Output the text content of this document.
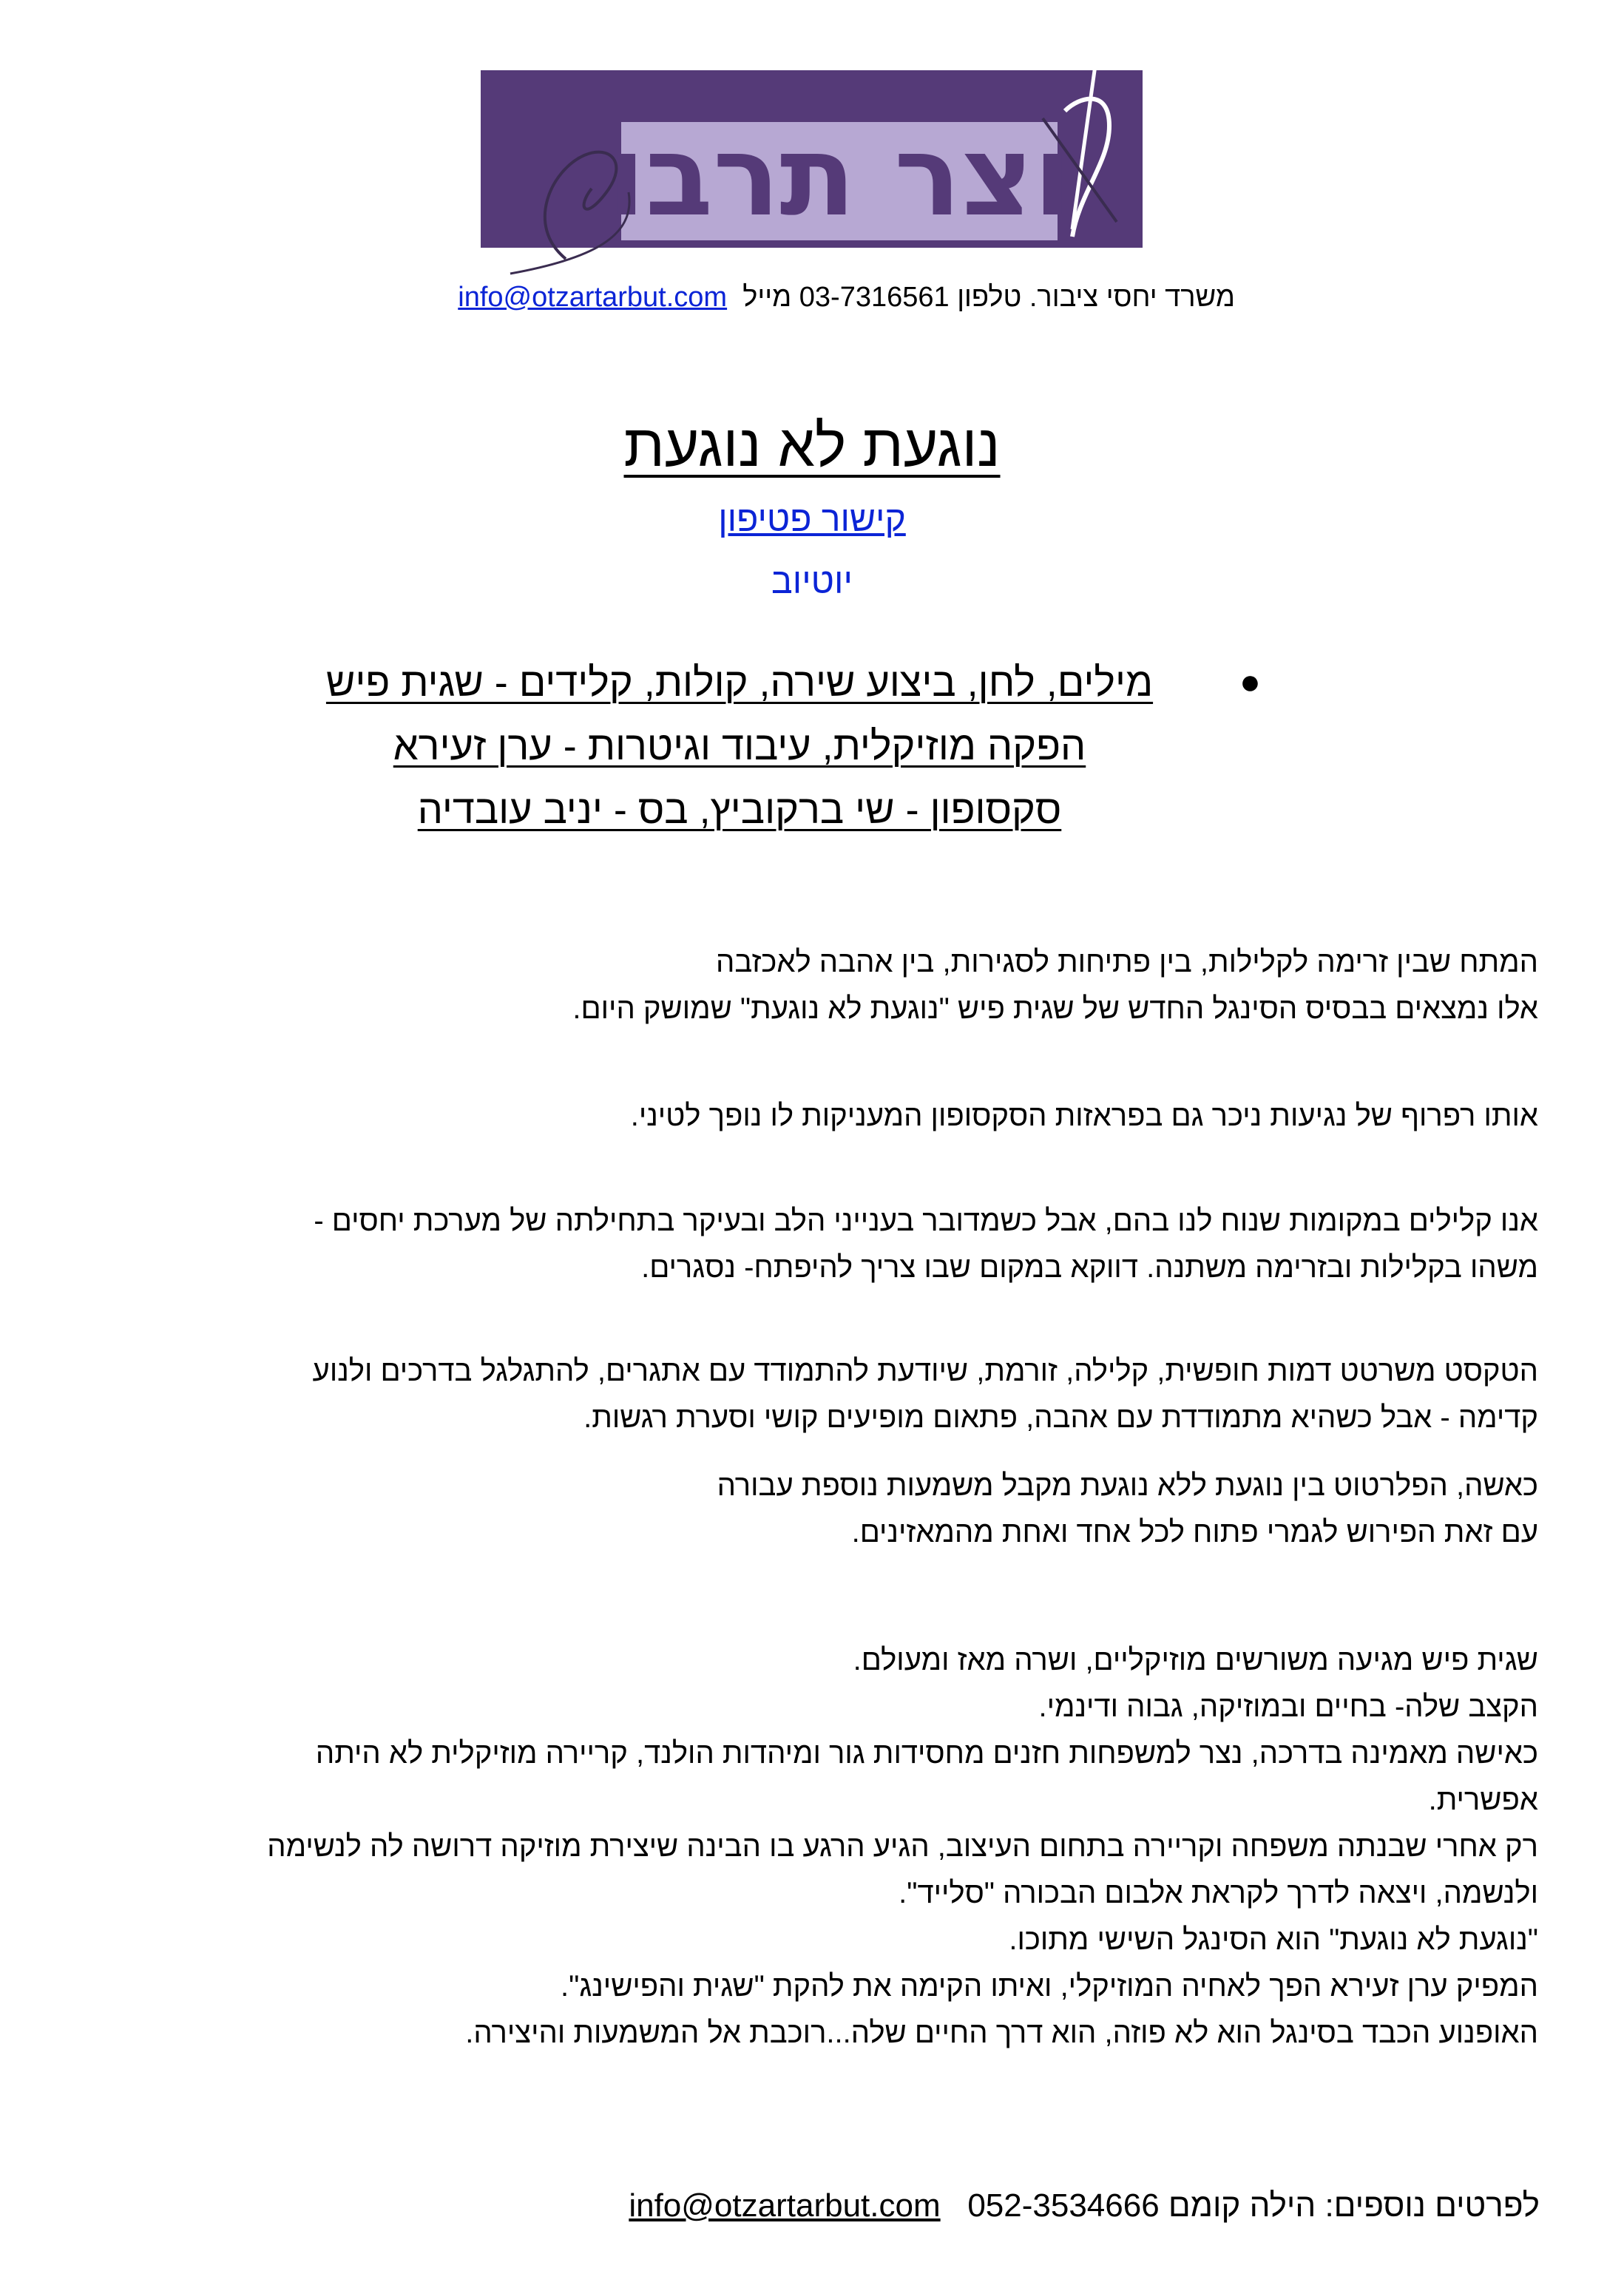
וצר תרבו
משרד יחסי ציבור. טלפון 03-7316561 מייל  info@otzartarbut.com
נוגעת לא נוגעת
קישור פטיפון
יוטיוב
●
מילים, לחן, ביצוע שירה, קולות, קלידים - שגית פיש
הפקה מוזיקלית, עיבוד וגיטרות - ערן זעירא
סקסופון - שי ברקוביץ, בס - יניב עובדיה

המתח שבין זרימה לקלילות, בין פתיחות לסגירות, בין אהבה לאכזבה

אלו נמצאים בבסיס הסינגל החדש של שגית פיש "נוגעת לא נוגעת" שמושק היום.

אותו רפרוף של נגיעות ניכר גם בפראזות הסקסופון המעניקות לו נופך לטיני.

אנו קלילים במקומות שנוח לנו בהם, אבל כשמדובר בענייני הלב ובעיקר בתחילתה של מערכת יחסים -

משהו בקלילות ובזרימה משתנה. דווקא במקום שבו צריך להיפתח- נסגרים.

הטקסט משרטט דמות חופשית, קלילה, זורמת, שיודעת להתמודד עם אתגרים, להתגלגל בדרכים ולנוע

קדימה - אבל כשהיא מתמודדת עם אהבה, פתאום מופיעים קושי וסערת רגשות.

כאשה, הפלרטוט בין נוגעת ללא נוגעת מקבל משמעות נוספת עבורה

עם זאת הפירוש לגמרי פתוח לכל אחד ואחת מהמאזינים.

שגית פיש מגיעה משורשים מוזיקליים, ושרה מאז ומעולם.

הקצב שלה- בחיים ובמוזיקה, גבוה ודינמי.

כאישה מאמינה בדרכה, נצר למשפחות חזנים מחסידות גור ומיהדות הולנד, קריירה מוזיקלית לא היתה

אפשרית.

רק אחרי שבנתה משפחה וקריירה בתחום העיצוב, הגיע הרגע בו הבינה שיצירת מוזיקה דרושה לה לנשימה

ולנשמה, ויצאה לדרך לקראת אלבום הבכורה "סלייד".

"נוגעת לא נוגעת" הוא הסינגל השישי מתוכו.

המפיק ערן זעירא הפך לאחיה המוזיקלי, ואיתו הקימה את להקת "שגית והפישינג".

האופנוע הכבד בסינגל הוא לא פוזה, הוא דרך החיים שלה...רוכבת אל המשמעות והיצירה.

לפרטים נוספים: הילה קומם 052-3534666   info@otzartarbut.com
